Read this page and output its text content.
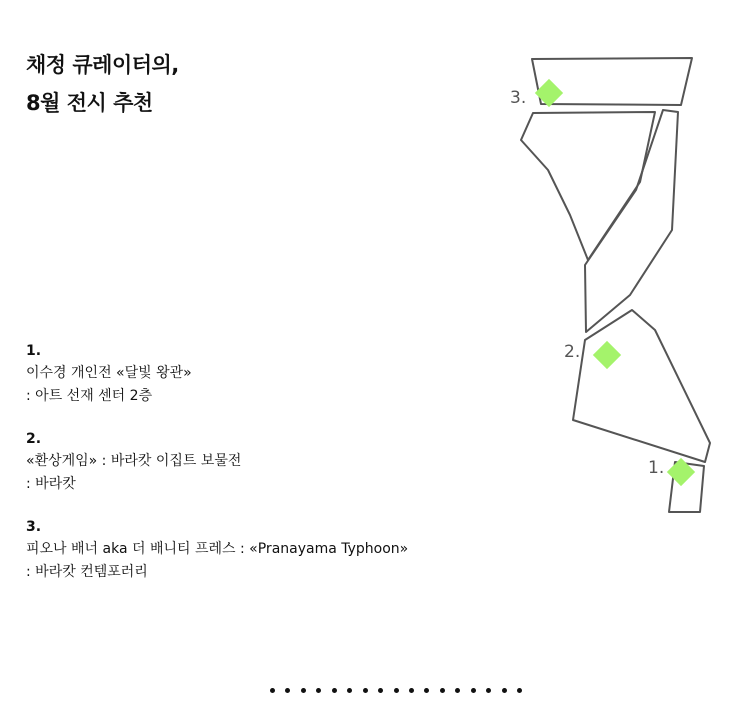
채정 큐레이터의,
8월 전시 추천
1.
이수경 개인전 «달빛 왕관»
: 아트 선재 센터 2층
2.
«환상게임» : 바라캇 이집트 보물전
: 바라캇
3.
피오나 배너 aka 더 배니티 프레스 : «Pranayama Typhoon»
: 바라캇 컨템포러리
1.
2.
3.
